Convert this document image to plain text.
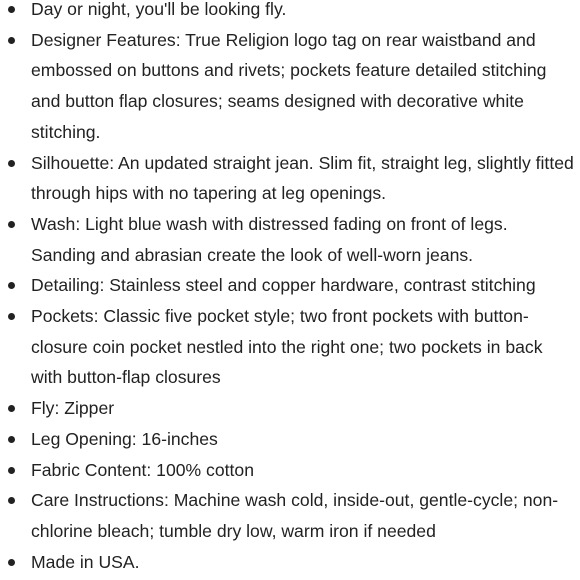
Day or night, you'll be looking fly.
Designer Features: True Religion logo tag on rear waistband and embossed on buttons and rivets; pockets feature detailed stitching and button flap closures; seams designed with decorative white stitching.
Silhouette: An updated straight jean. Slim fit, straight leg, slightly fitted through hips with no tapering at leg openings.
Wash: Light blue wash with distressed fading on front of legs. Sanding and abrasian create the look of well-worn jeans.
Detailing: Stainless steel and copper hardware, contrast stitching
Pockets: Classic five pocket style; two front pockets with button-closure coin pocket nestled into the right one; two pockets in back with button-flap closures
Fly: Zipper
Leg Opening: 16-inches
Fabric Content: 100% cotton
Care Instructions: Machine wash cold, inside-out, gentle-cycle; non-chlorine bleach; tumble dry low, warm iron if needed
Made in USA.
